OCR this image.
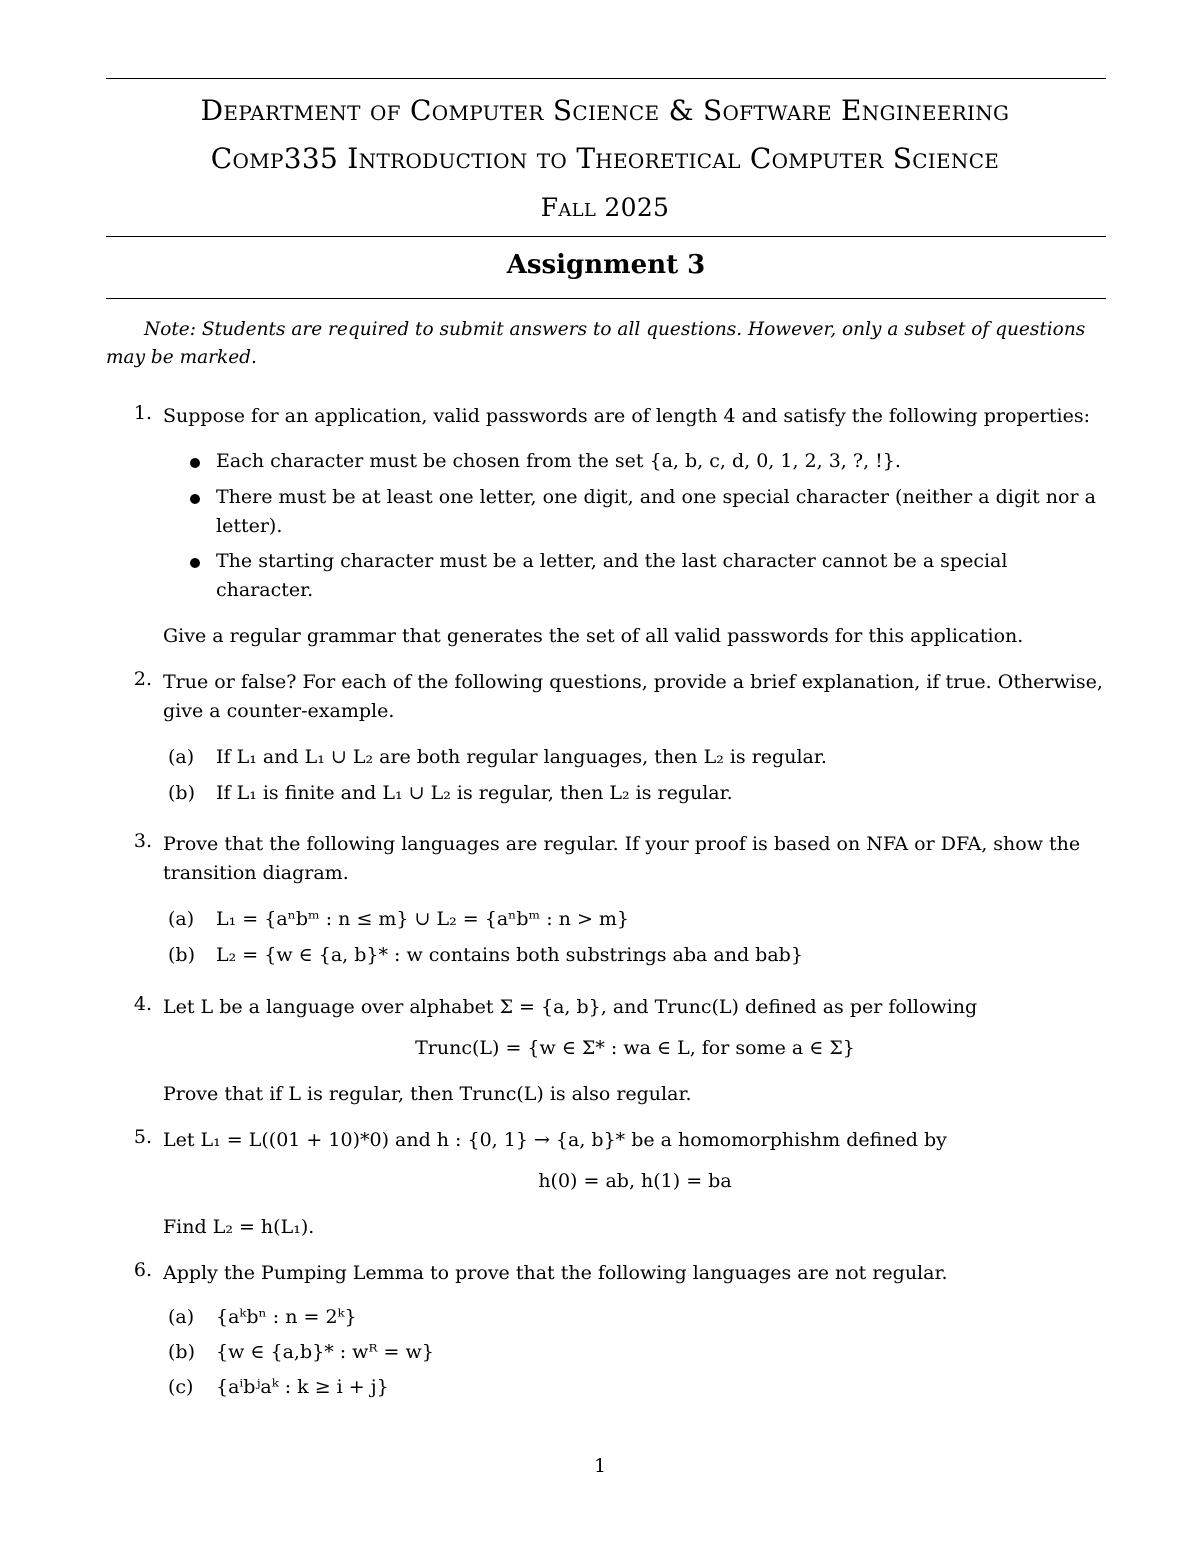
Department of Computer Science & Software Engineering
Comp335 Introduction to Theoretical Computer Science
Fall 2025
Assignment 3
Note: Students are required to submit answers to all questions. However, only a subset of questions may be marked.
1. Suppose for an application, valid passwords are of length 4 and satisfy the following properties:
Each character must be chosen from the set {a, b, c, d, 0, 1, 2, 3, ?, !}.
There must be at least one letter, one digit, and one special character (neither a digit nor a letter).
The starting character must be a letter, and the last character cannot be a special character.
Give a regular grammar that generates the set of all valid passwords for this application.
2. True or false? For each of the following questions, provide a brief explanation, if true. Otherwise, give a counter-example.
(a)	If L₁ and L₁ ∪ L₂ are both regular languages, then L₂ is regular.
(b)	If L₁ is finite and L₁ ∪ L₂ is regular, then L₂ is regular.
3. Prove that the following languages are regular. If your proof is based on NFA or DFA, show the transition diagram.
(a)	L₁ = {aⁿbᵐ : n ≤ m} ∪ L₂ = {aⁿbᵐ : n > m}
(b)	L₂ = {w ∈ {a, b}* : w contains both substrings aba and bab}
4. Let L be a language over alphabet Σ = {a, b}, and Trunc(L) defined as per following
Trunc(L) = {w ∈ Σ* : wa ∈ L, for some a ∈ Σ}
Prove that if L is regular, then Trunc(L) is also regular.
5. Let L₁ = L((01 + 10)*0) and h : {0, 1} → {a, b}* be a homomorphishm defined by
h(0) = ab, h(1) = ba
Find L₂ = h(L₁).
6. Apply the Pumping Lemma to prove that the following languages are not regular.
(a)	{aᵏbⁿ : n = 2ᵏ}
(b)	{w ∈ {a,b}* : wᴿ = w}
(c)	{aⁱbʲaᵏ : k ≥ i + j}
1
